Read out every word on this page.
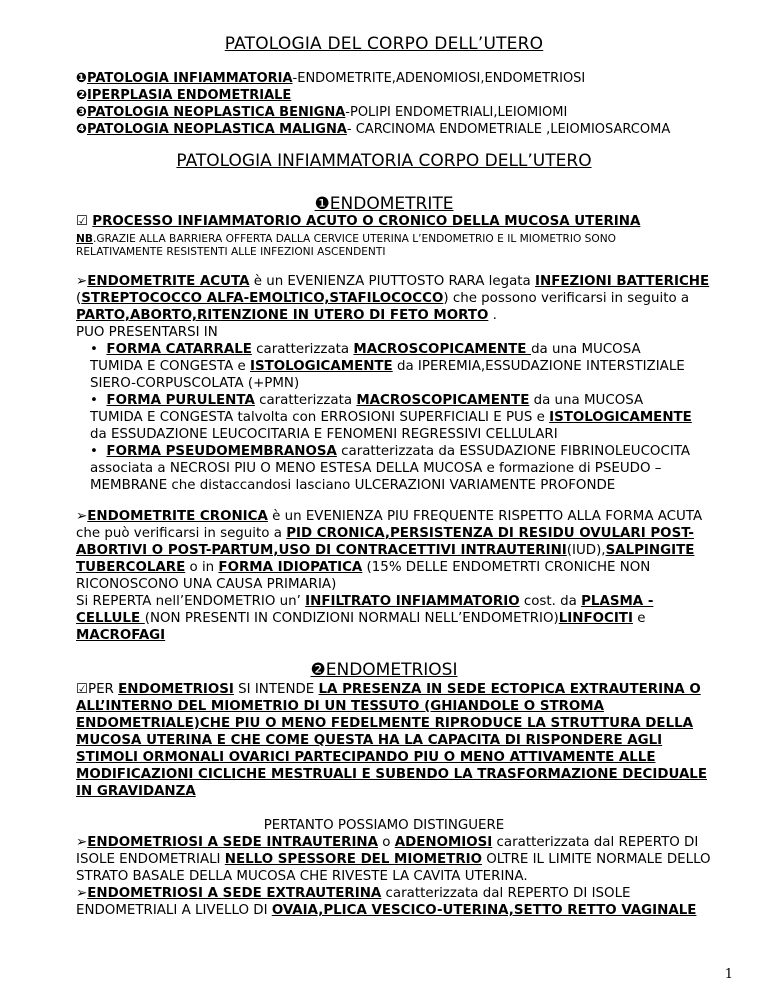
PATOLOGIA DEL CORPO DELL’UTERO
❶PATOLOGIA INFIAMMATORIA-ENDOMETRITE,ADENOMIOSI,ENDOMETRIOSI
❷IPERPLASIA ENDOMETRIALE
❸PATOLOGIA NEOPLASTICA BENIGNA-POLIPI ENDOMETRIALI,LEIOMIOMI
❹PATOLOGIA NEOPLASTICA MALIGNA- CARCINOMA ENDOMETRIALE ,LEIOMIOSARCOMA
PATOLOGIA INFIAMMATORIA CORPO DELL’UTERO
❶ENDOMETRITE
☑ PROCESSO INFIAMMATORIO ACUTO O CRONICO DELLA MUCOSA UTERINA
NB.GRAZIE ALLA BARRIERA OFFERTA DALLA CERVICE UTERINA L’ENDOMETRIO E IL MIOMETRIO SONO
RELATIVAMENTE RESISTENTI ALLE INFEZIONI ASCENDENTI
➢ENDOMETRITE ACUTA è un EVENIENZA PIUTTOSTO RARA legata INFEZIONI BATTERICHE
(STREPTOCOCCO ALFA-EMOLTICO,STAFILOCOCCO) che possono verificarsi in seguito a
PARTO,ABORTO,RITENZIONE IN UTERO DI FETO MORTO .
PUO PRESENTARSI IN
• FORMA CATARRALE caratterizzata MACROSCOPICAMENTE da una MUCOSA
TUMIDA E CONGESTA e ISTOLOGICAMENTE da IPEREMIA,ESSUDAZIONE INTERSTIZIALE
SIERO-CORPUSCOLATA (+PMN)
• FORMA PURULENTA caratterizzata MACROSCOPICAMENTE da una MUCOSA
TUMIDA E CONGESTA talvolta con ERROSIONI SUPERFICIALI E PUS e ISTOLOGICAMENTE
da ESSUDAZIONE LEUCOCITARIA E FENOMENI REGRESSIVI CELLULARI
• FORMA PSEUDOMEMBRANOSA caratterizzata da ESSUDAZIONE FIBRINOLEUCOCITA
associata a NECROSI PIU O MENO ESTESA DELLA MUCOSA e formazione di PSEUDO –
MEMBRANE che distaccandosi lasciano ULCERAZIONI VARIAMENTE PROFONDE
➢ENDOMETRITE CRONICA è un EVENIENZA PIU FREQUENTE RISPETTO ALLA FORMA ACUTA
che può verificarsi in seguito a PID CRONICA,PERSISTENZA DI RESIDU OVULARI POST-
ABORTIVI O POST-PARTUM,USO DI CONTRACETTIVI INTRAUTERINI(IUD),SALPINGITE
TUBERCOLARE o in FORMA IDIOPATICA (15% DELLE ENDOMETRTI CRONICHE NON
RICONOSCONO UNA CAUSA PRIMARIA)
Si REPERTA nell’ENDOMETRIO un’ INFILTRATO INFIAMMATORIO cost. da PLASMA -
CELLULE (NON PRESENTI IN CONDIZIONI NORMALI NELL’ENDOMETRIO)LINFOCITI e
MACROFAGI
❷ENDOMETRIOSI
☑PER ENDOMETRIOSI SI INTENDE LA PRESENZA IN SEDE ECTOPICA EXTRAUTERINA O
ALL’INTERNO DEL MIOMETRIO DI UN TESSUTO (GHIANDOLE O STROMA
ENDOMETRIALE)CHE PIU O MENO FEDELMENTE RIPRODUCE LA STRUTTURA DELLA
MUCOSA UTERINA E CHE COME QUESTA HA LA CAPACITA DI RISPONDERE AGLI
STIMOLI ORMONALI OVARICI PARTECIPANDO PIU O MENO ATTIVAMENTE ALLE
MODIFICAZIONI CICLICHE MESTRUALI E SUBENDO LA TRASFORMAZIONE DECIDUALE
IN GRAVIDANZA
PERTANTO POSSIAMO DISTINGUERE
➢ENDOMETRIOSI A SEDE INTRAUTERINA o ADENOMIOSI caratterizzata dal REPERTO DI
ISOLE ENDOMETRIALI NELLO SPESSORE DEL MIOMETRIO OLTRE IL LIMITE NORMALE DELLO
STRATO BASALE DELLA MUCOSA CHE RIVESTE LA CAVITA UTERINA.
➢ENDOMETRIOSI A SEDE EXTRAUTERINA caratterizzata dal REPERTO DI ISOLE
ENDOMETRIALI A LIVELLO DI OVAIA,PLICA VESCICO-UTERINA,SETTO RETTO VAGINALE
1
